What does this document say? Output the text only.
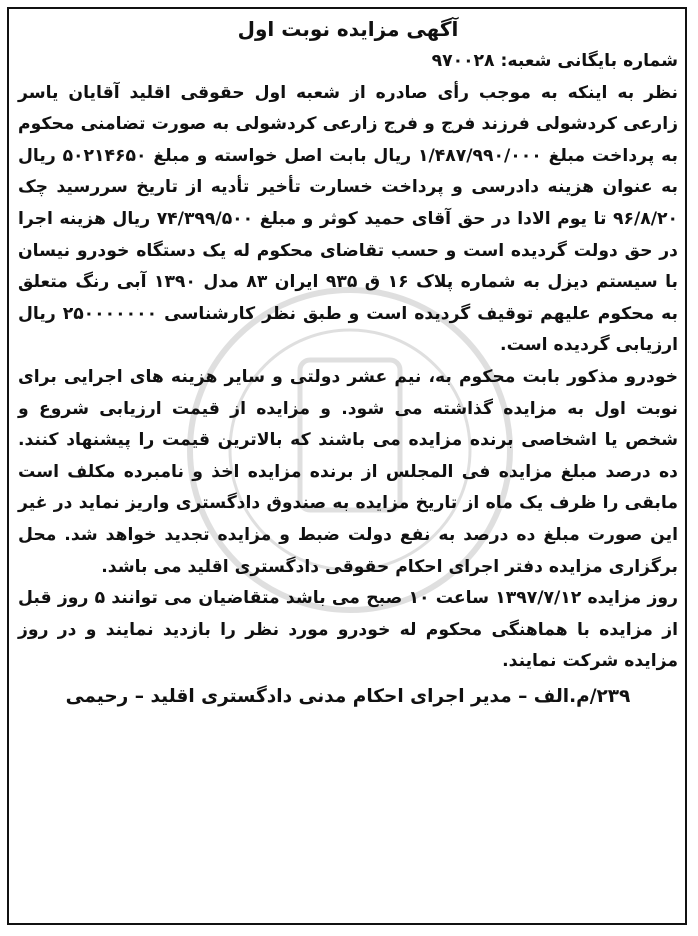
آگهی مزایده نوبت اول
شماره بایگانی شعبه: ۹۷۰۰۲۸

نظر به اینکه به موجب رأی صادره از شعبه اول حقوقی اقلید آقایان یاسر زارعی کردشولی فرزند فرج و فرج زارعی کردشولی به صورت تضامنی محکوم به پرداخت مبلغ ۱/۴۸۷/۹۹۰/۰۰۰ ریال بابت اصل خواسته و مبلغ ۵۰۲۱۴۶۵۰ ریال به عنوان هزینه دادرسی و پرداخت خسارت تأخیر تأدیه از تاریخ سررسید چک ۹۶/۸/۲۰ تا یوم الادا در حق آقای حمید کوثر و مبلغ ۷۴/۳۹۹/۵۰۰ ریال هزینه اجرا در حق دولت گردیده است و حسب تقاضای محکوم له یک دستگاه خودرو نیسان با سیستم دیزل به شماره پلاک ۱۶ ق ۹۳۵ ایران ۸۳ مدل ۱۳۹۰ آبی رنگ متعلق به محکوم علیهم توقیف گردیده است و طبق نظر کارشناسی ۲۵۰۰۰۰۰۰۰ ریال ارزیابی گردیده است.

خودرو مذکور بابت محکوم به، نیم عشر دولتی و سایر هزینه های اجرایی برای نوبت اول به مزایده گذاشته می شود. و مزایده از قیمت ارزیابی شروع و شخص یا اشخاصی برنده مزایده می باشند که بالاترین قیمت را پیشنهاد کنند. ده درصد مبلغ مزایده فی المجلس از برنده مزایده اخذ و نامبرده مکلف است مابقی را ظرف یک ماه از تاریخ مزایده به صندوق دادگستری واریز نماید در غیر این صورت مبلغ ده درصد به نفع دولت ضبط و مزایده تجدید خواهد شد. محل برگزاری مزایده دفتر اجرای احکام حقوقی دادگستری اقلید می باشد.

روز مزایده ۱۳۹۷/۷/۱۲ ساعت ۱۰ صبح می باشد متقاضیان می توانند ۵ روز قبل از مزایده با هماهنگی محکوم له خودرو مورد نظر را بازدید نمایند و در روز مزایده شرکت نمایند.

۲۳۹/م.الف – مدیر اجرای احکام مدنی دادگستری اقلید – رحیمی
